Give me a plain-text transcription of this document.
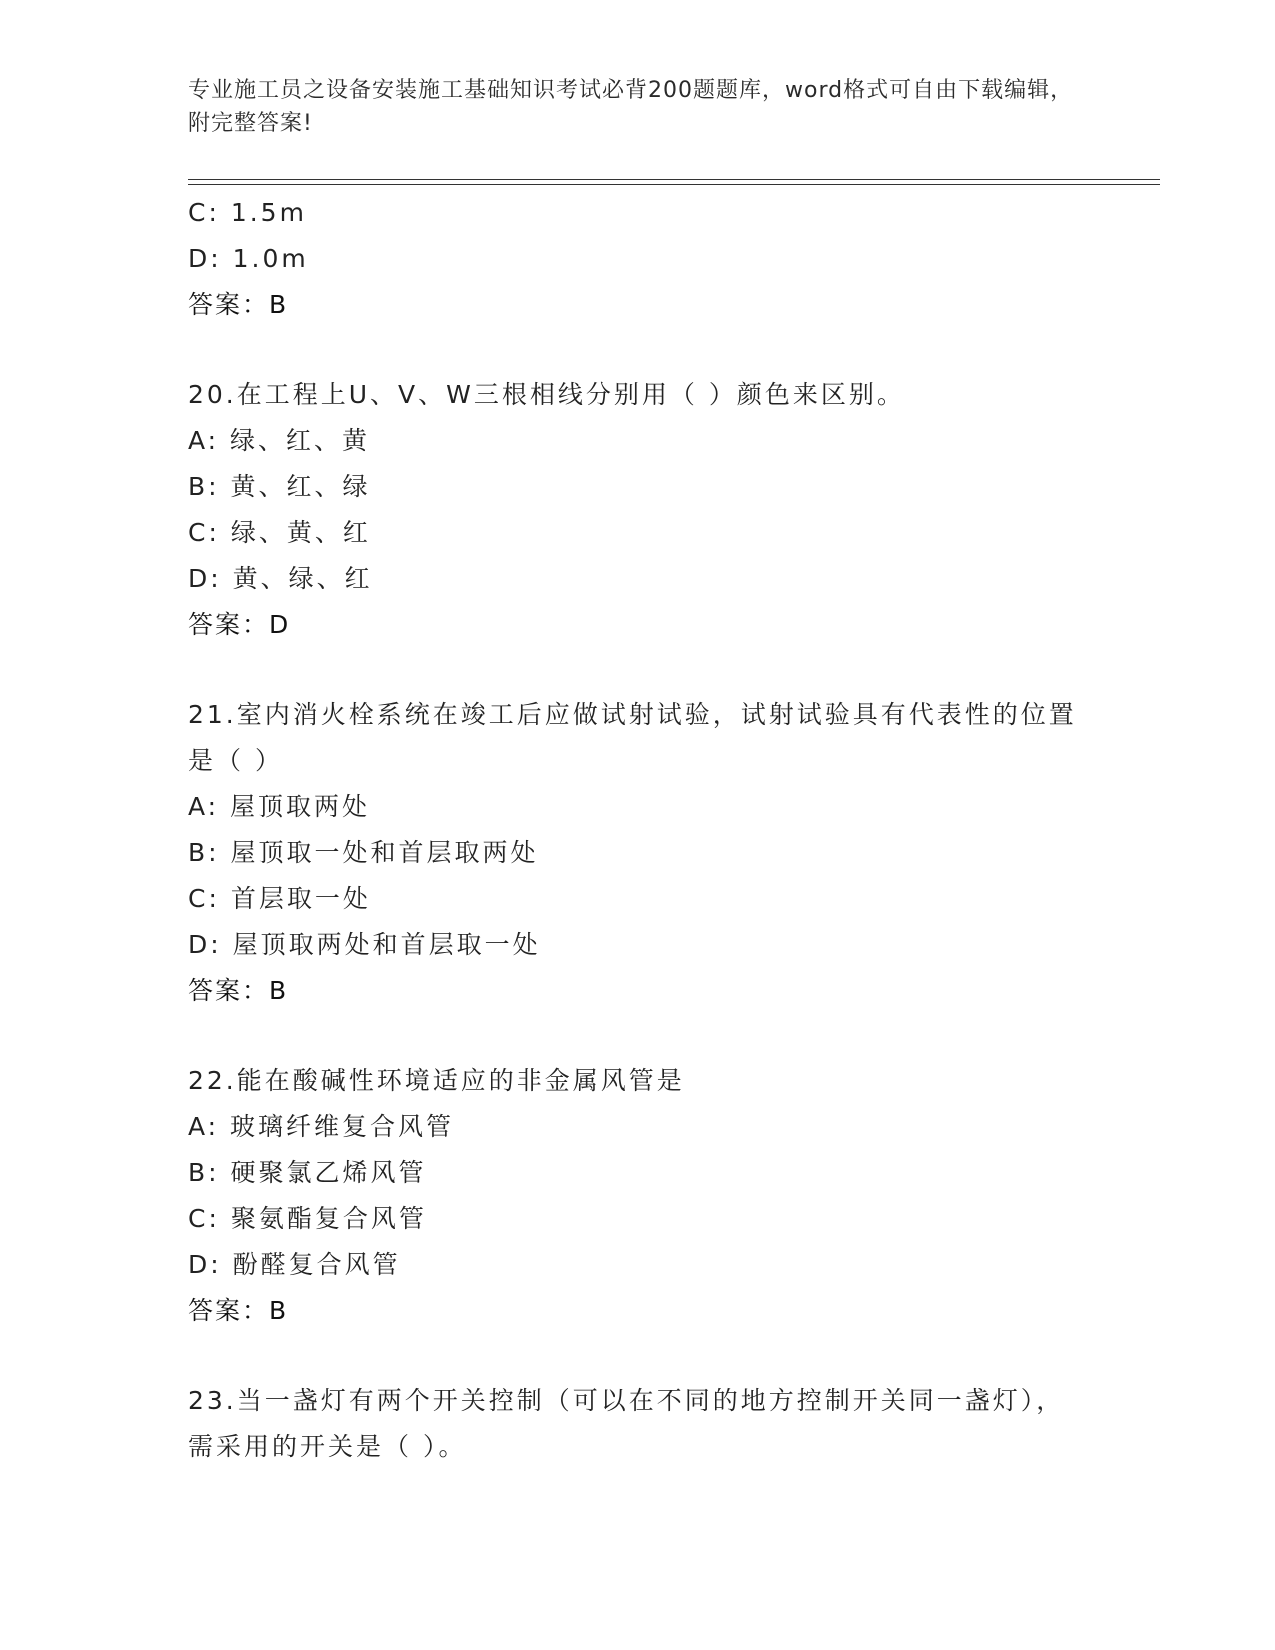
专业施工员之设备安装施工基础知识考试必背200题题库，word格式可自由下载编辑，附完整答案!
C: 1.5m
D: 1.0m
答案：B
20.在工程上U、V、W三根相线分别用（ ）颜色来区别。
A: 绿、红、黄
B: 黄、红、绿
C: 绿、黄、红
D: 黄、绿、红
答案：D
21.室内消火栓系统在竣工后应做试射试验，试射试验具有代表性的位置是（ ）
A: 屋顶取两处
B: 屋顶取一处和首层取两处
C: 首层取一处
D: 屋顶取两处和首层取一处
答案：B
22.能在酸碱性环境适应的非金属风管是
A: 玻璃纤维复合风管
B: 硬聚氯乙烯风管
C: 聚氨酯复合风管
D: 酚醛复合风管
答案：B
23.当一盏灯有两个开关控制（可以在不同的地方控制开关同一盏灯），需采用的开关是（ ）。
